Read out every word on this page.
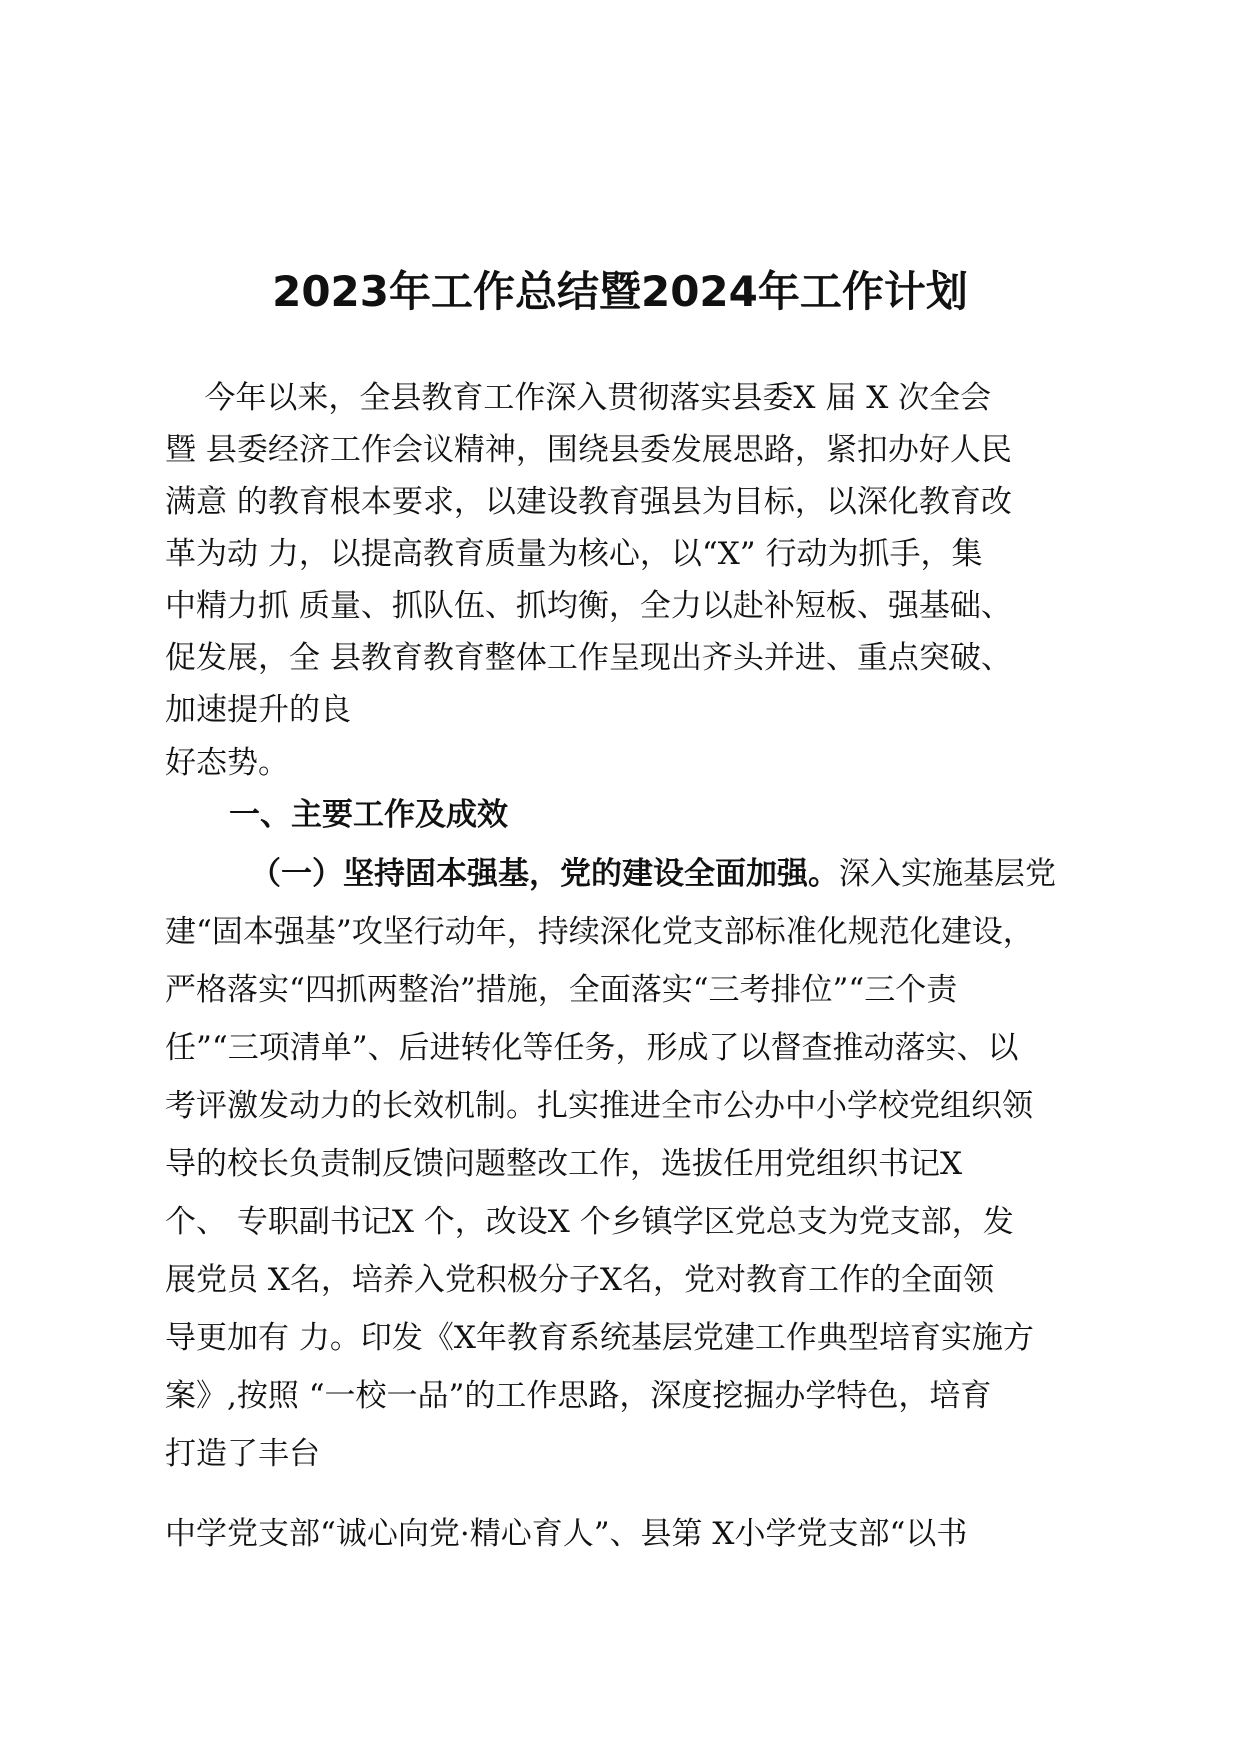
2023年工作总结暨2024年工作计划

今年以来，全县教育工作深入贯彻落实县委X 届 X 次全会

暨 县委经济工作会议精神，围绕县委发展思路，紧扣办好人民

满意 的教育根本要求，以建设教育强县为目标，以深化教育改

革为动 力，以提高教育质量为核心，以“X” 行动为抓手，集

中精力抓 质量、抓队伍、抓均衡，全力以赴补短板、强基础、

促发展，全 县教育教育整体工作呈现出齐头并进、重点突破、

加速提升的良

好态势。

一、主要工作及成效

（一）坚持固本强基，党的建设全面加强。深入实施基层党

建“固本强基”攻坚行动年，持续深化党支部标准化规范化建设，

严格落实“四抓两整治”措施，全面落实“三考排位”“三个责

任”“三项清单”、后进转化等任务，形成了以督查推动落实、以

考评激发动力的长效机制。扎实推进全市公办中小学校党组织领

导的校长负责制反馈问题整改工作，选拔任用党组织书记X

个、 专职副书记X 个，改设X 个乡镇学区党总支为党支部，发

展党员 X名，培养入党积极分子X名，党对教育工作的全面领

导更加有 力。印发《X年教育系统基层党建工作典型培育实施方

案》,按照 “一校一品”的工作思路，深度挖掘办学特色，培育

打造了丰台

中学党支部“诚心向党·精心育人”、县第 X小学党支部“以书
